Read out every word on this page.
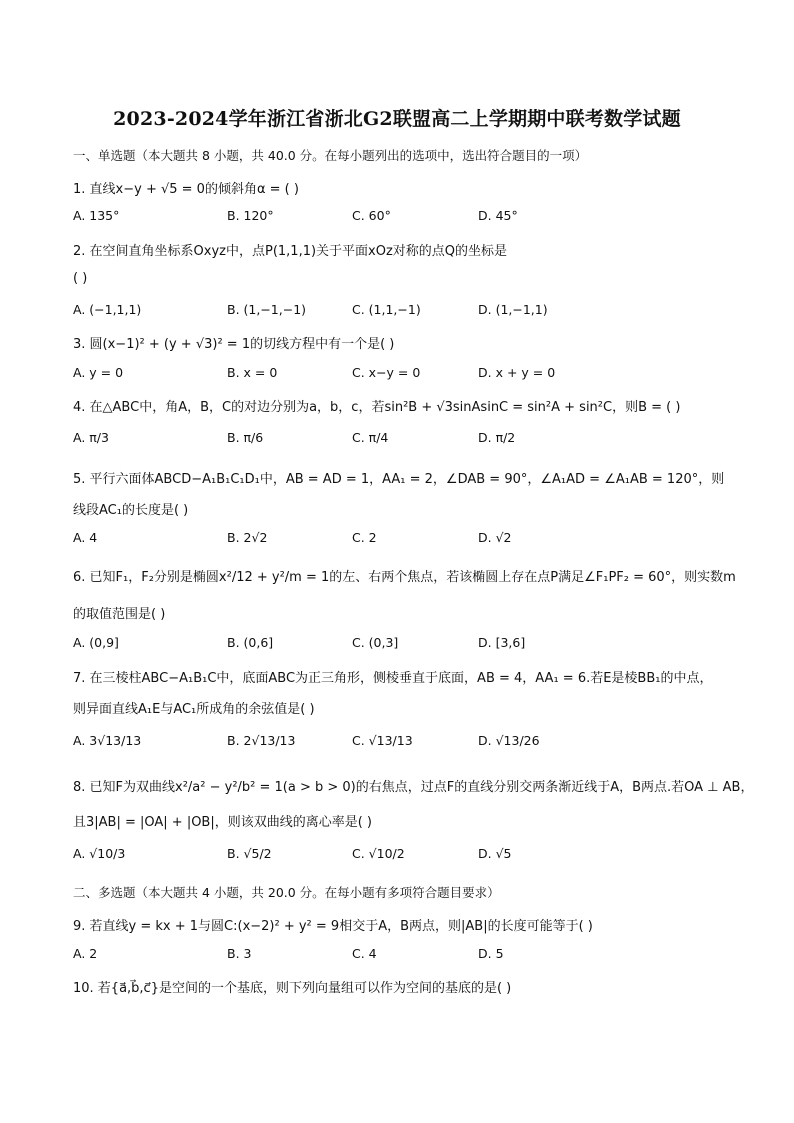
2023-2024学年浙江省浙北G2联盟高二上学期期中联考数学试题
一、单选题（本大题共 8 小题，共 40.0 分。在每小题列出的选项中，选出符合题目的一项）
1. 直线x−y + √5 = 0的倾斜角α = ( )
A. 135°	B. 120°	C. 60°	D. 45°
2. 在空间直角坐标系Oxyz中，点P(1,1,1)关于平面xOz对称的点Q的坐标是
( )
A. (−1,1,1)	B. (1,−1,−1)	C. (1,1,−1)	D. (1,−1,1)
3. 圆(x−1)² + (y + √3)² = 1的切线方程中有一个是( )
A. y = 0	B. x = 0	C. x−y = 0	D. x + y = 0
4. 在△ABC中，角A，B，C的对边分别为a，b，c，若sin²B + √3sinAsinC = sin²A + sin²C，则B = ( )
A. π/3	B. π/6	C. π/4	D. π/2
5. 平行六面体ABCD−A₁B₁C₁D₁中，AB = AD = 1，AA₁ = 2，∠DAB = 90°，∠A₁AD = ∠A₁AB = 120°，则
线段AC₁的长度是( )
A. 4	B. 2√2	C. 2	D. √2
6. 已知F₁，F₂分别是椭圆x²/12 + y²/m = 1的左、右两个焦点，若该椭圆上存在点P满足∠F₁PF₂ = 60°，则实数m
的取值范围是( )
A. (0,9]	B. (0,6]	C. (0,3]	D. [3,6]
7. 在三棱柱ABC−A₁B₁C中，底面ABC为正三角形，侧棱垂直于底面，AB = 4，AA₁ = 6.若E是棱BB₁的中点，
则异面直线A₁E与AC₁所成角的余弦值是( )
A. 3√13/13	B. 2√13/13	C. √13/13	D. √13/26
8. 已知F为双曲线x²/a² − y²/b² = 1(a > b > 0)的右焦点，过点F的直线分别交两条渐近线于A，B两点.若OA ⊥ AB，
且3|AB| = |OA| + |OB|，则该双曲线的离心率是( )
A. √10/3	B. √5/2	C. √10/2	D. √5
二、多选题（本大题共 4 小题，共 20.0 分。在每小题有多项符合题目要求）
9. 若直线y = kx + 1与圆C:(x−2)² + y² = 9相交于A，B两点，则|AB|的长度可能等于( )
A. 2	B. 3	C. 4	D. 5
10. 若{a⃗,b⃗,c⃗}是空间的一个基底，则下列向量组可以作为空间的基底的是( )
